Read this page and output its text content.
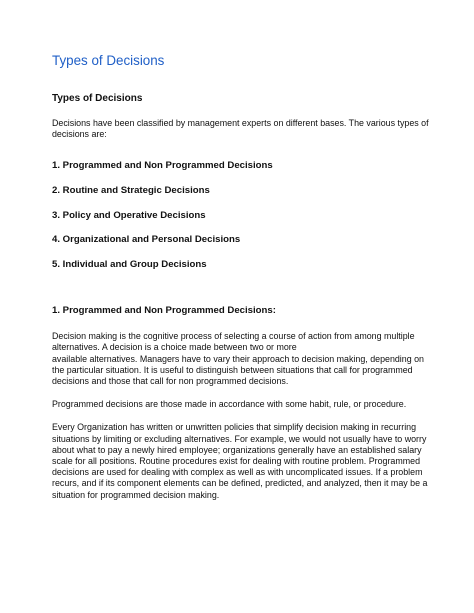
Types of Decisions
Types of Decisions

Decisions have been classified by management experts on different bases. The various types of
decisions are:

1. Programmed and Non Programmed Decisions
2. Routine and Strategic Decisions
3. Policy and Operative Decisions
4. Organizational and Personal Decisions
5. Individual and Group Decisions
1. Programmed and Non Programmed Decisions:

Decision making is the cognitive process of selecting a course of action from among multiple
alternatives. A decision is a choice made between two or more
available alternatives. Managers have to vary their approach to decision making, depending on
the particular situation. It is useful to distinguish between situations that call for programmed
decisions and those that call for non programmed decisions.

Programmed decisions are those made in accordance with some habit, rule, or procedure.

Every Organization has written or unwritten policies that simplify decision making in recurring
situations by limiting or excluding alternatives. For example, we would not usually have to worry
about what to pay a newly hired employee; organizations generally have an established salary
scale for all positions. Routine procedures exist for dealing with routine problem. Programmed
decisions are used for dealing with complex as well as with uncomplicated issues. If a problem
recurs, and if its component elements can be defined, predicted, and analyzed, then it may be a
situation for programmed decision making.
